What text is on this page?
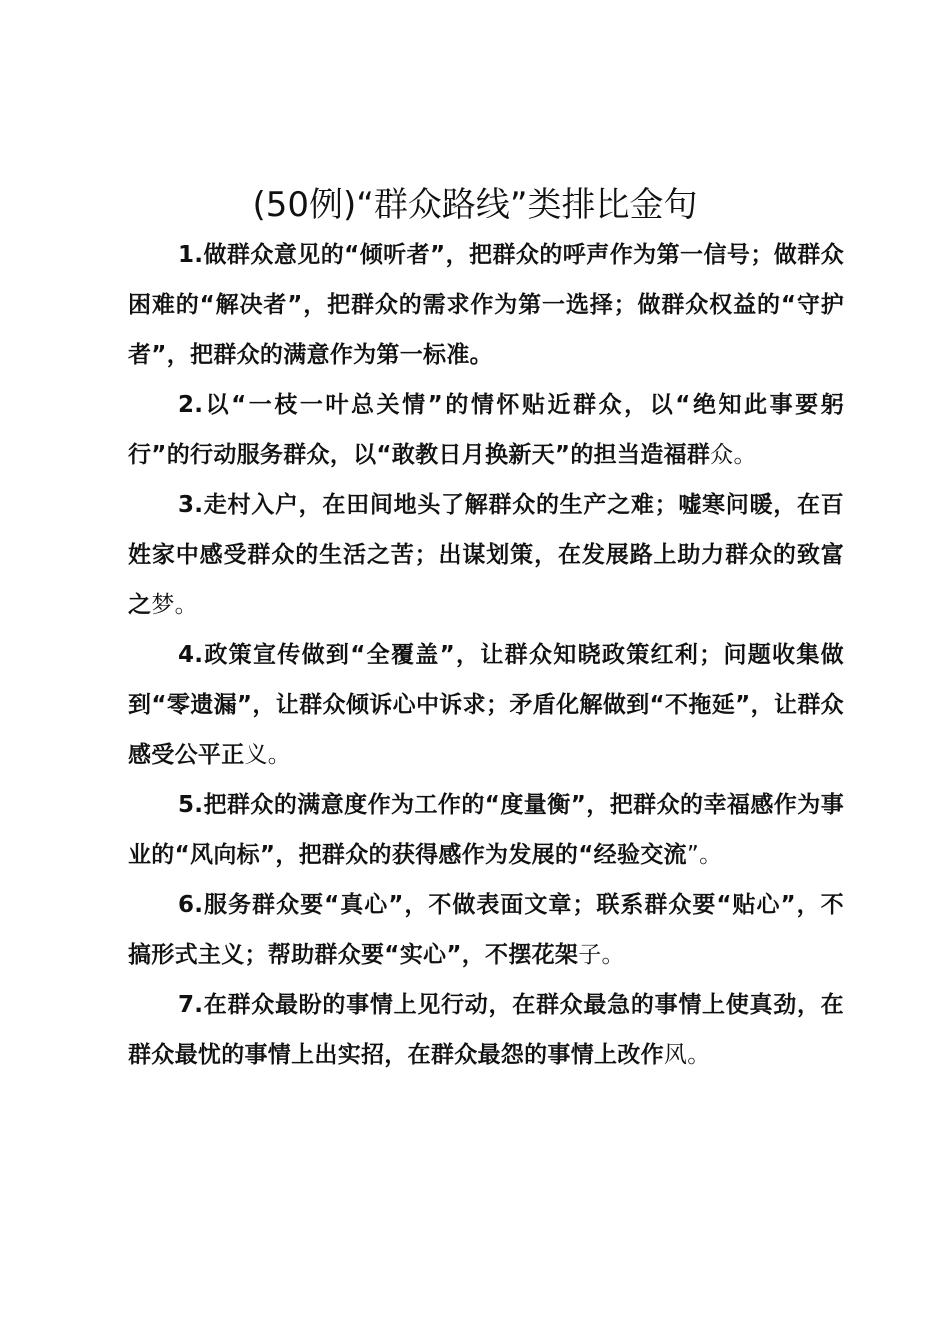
(50例)“群众路线”类排比金句

1.做群众意见的“倾听者”，把群众的呼声作为第一信号；做群众困难的“解决者”，把群众的需求作为第一选择；做群众权益的“守护者”，把群众的满意作为第一标准。

2.以“一枝一叶总关情”的情怀贴近群众，以“绝知此事要躬行”的行动服务群众，以“敢教日月换新天”的担当造福群众。

3.走村入户，在田间地头了解群众的生产之难；嘘寒问暖，在百姓家中感受群众的生活之苦；出谋划策，在发展路上助力群众的致富之梦。

4.政策宣传做到“全覆盖”，让群众知晓政策红利；问题收集做到“零遗漏”，让群众倾诉心中诉求；矛盾化解做到“不拖延”，让群众感受公平正义。

5.把群众的满意度作为工作的“度量衡”，把群众的幸福感作为事业的“风向标”，把群众的获得感作为发展的“经验交流”。

6.服务群众要“真心”，不做表面文章；联系群众要“贴心”，不搞形式主义；帮助群众要“实心”，不摆花架子。

7.在群众最盼的事情上见行动，在群众最急的事情上使真劲，在群众最忧的事情上出实招，在群众最怨的事情上改作风。
